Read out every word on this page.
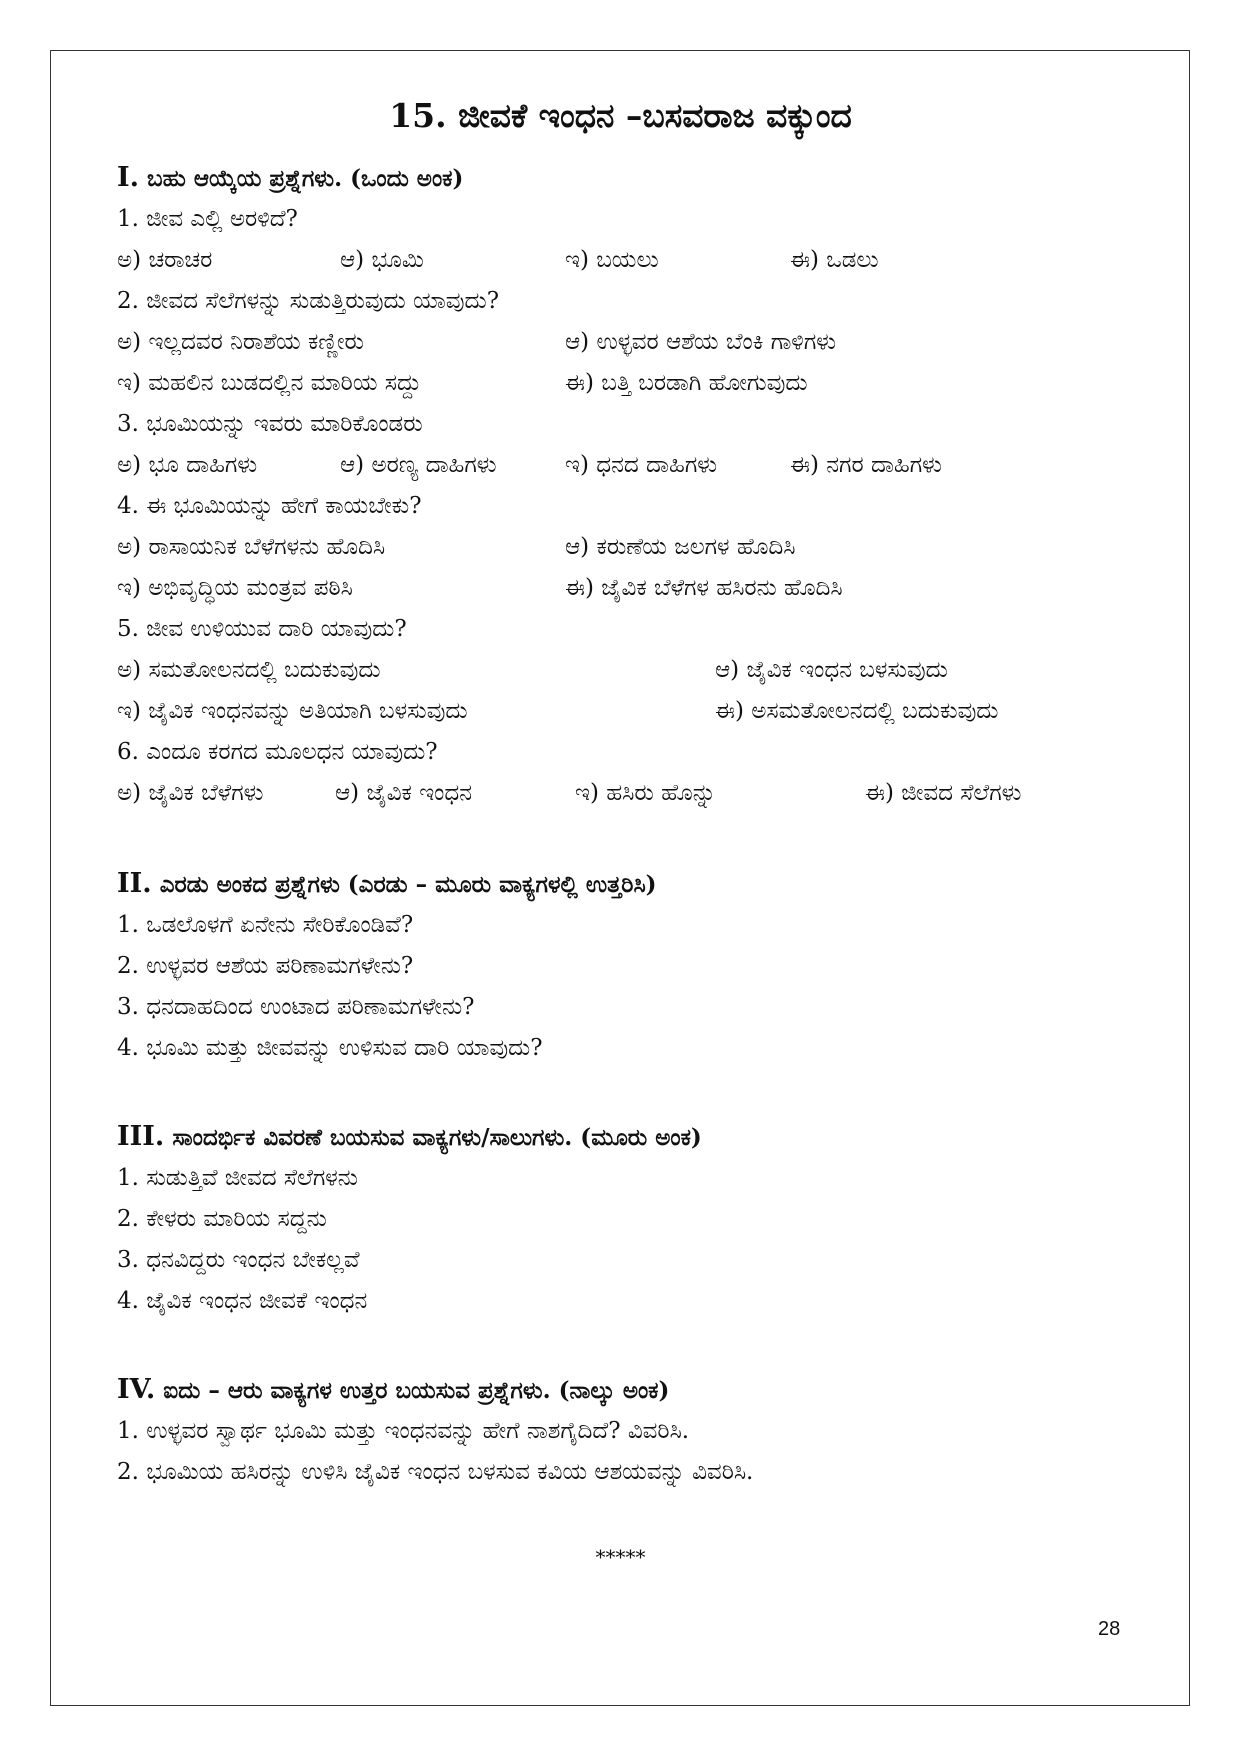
15. ಜೀವಕೆ ಇಂಧನ –ಬಸವರಾಜ ವಕ್ಕುಂದ
I. ಬಹು ಆಯ್ಕೆಯ ಪ್ರಶ್ನೆಗಳು. (ಒಂದು ಅಂಕ)
1. ಜೀವ ಎಲ್ಲಿ ಅರಳಿದೆ?
ಅ) ಚರಾಚರ	ಆ) ಭೂಮಿ	ಇ) ಬಯಲು	ಈ) ಒಡಲು
2. ಜೀವದ ಸೆಲೆಗಳನ್ನು ಸುಡುತ್ತಿರುವುದು ಯಾವುದು?
ಅ) ಇಲ್ಲದವರ ನಿರಾಶೆಯ ಕಣ್ಣೀರು	ಆ) ಉಳ್ಳವರ ಆಶೆಯ ಬೆಂಕಿ ಗಾಳಿಗಳು
ಇ) ಮಹಲಿನ ಬುಡದಲ್ಲಿನ ಮಾರಿಯ ಸದ್ದು	ಈ) ಬತ್ತಿ ಬರಡಾಗಿ ಹೋಗುವುದು
3. ಭೂಮಿಯನ್ನು ಇವರು ಮಾರಿಕೊಂಡರು
ಅ) ಭೂ ದಾಹಿಗಳು	ಆ) ಅರಣ್ಯ ದಾಹಿಗಳು	ಇ) ಧನದ ದಾಹಿಗಳು	ಈ) ನಗರ ದಾಹಿಗಳು
4. ಈ ಭೂಮಿಯನ್ನು ಹೇಗೆ ಕಾಯಬೇಕು?
ಅ) ರಾಸಾಯನಿಕ ಬೆಳೆಗಳನು ಹೊದಿಸಿ	ಆ) ಕರುಣೆಯ ಜಲಗಳ ಹೊದಿಸಿ
ಇ) ಅಭಿವೃದ್ಧಿಯ ಮಂತ್ರವ ಪಠಿಸಿ	ಈ) ಜೈವಿಕ ಬೆಳೆಗಳ ಹಸಿರನು ಹೊದಿಸಿ
5. ಜೀವ ಉಳಿಯುವ ದಾರಿ ಯಾವುದು?
ಅ) ಸಮತೋಲನದಲ್ಲಿ ಬದುಕುವುದು	ಆ) ಜೈವಿಕ ಇಂಧನ ಬಳಸುವುದು
ಇ) ಜೈವಿಕ ಇಂಧನವನ್ನು ಅತಿಯಾಗಿ ಬಳಸುವುದು	ಈ) ಅಸಮತೋಲನದಲ್ಲಿ ಬದುಕುವುದು
6. ಎಂದೂ ಕರಗದ ಮೂಲಧನ ಯಾವುದು?
ಅ) ಜೈವಿಕ ಬೆಳೆಗಳು	ಆ) ಜೈವಿಕ ಇಂಧನ	ಇ) ಹಸಿರು ಹೊನ್ನು	ಈ) ಜೀವದ ಸೆಲೆಗಳು
II. ಎರಡು ಅಂಕದ ಪ್ರಶ್ನೆಗಳು (ಎರಡು – ಮೂರು ವಾಕ್ಯಗಳಲ್ಲಿ ಉತ್ತರಿಸಿ)
1. ಒಡಲೊಳಗೆ ಏನೇನು ಸೇರಿಕೊಂಡಿವೆ?
2. ಉಳ್ಳವರ ಆಶೆಯ ಪರಿಣಾಮಗಳೇನು?
3. ಧನದಾಹದಿಂದ ಉಂಟಾದ ಪರಿಣಾಮಗಳೇನು?
4. ಭೂಮಿ ಮತ್ತು ಜೀವವನ್ನು ಉಳಿಸುವ ದಾರಿ ಯಾವುದು?
III. ಸಾಂದರ್ಭಿಕ ವಿವರಣೆ ಬಯಸುವ ವಾಕ್ಯಗಳು/ಸಾಲುಗಳು. (ಮೂರು ಅಂಕ)
1. ಸುಡುತ್ತಿವೆ ಜೀವದ ಸೆಲೆಗಳನು
2. ಕೇಳರು ಮಾರಿಯ ಸದ್ದನು
3. ಧನವಿದ್ದರು ಇಂಧನ ಬೇಕಲ್ಲವೆ
4. ಜೈವಿಕ ಇಂಧನ ಜೀವಕೆ ಇಂಧನ
IV. ಐದು – ಆರು ವಾಕ್ಯಗಳ ಉತ್ತರ ಬಯಸುವ ಪ್ರಶ್ನೆಗಳು. (ನಾಲ್ಕು ಅಂಕ)
1. ಉಳ್ಳವರ ಸ್ವಾರ್ಥ ಭೂಮಿ ಮತ್ತು ಇಂಧನವನ್ನು ಹೇಗೆ ನಾಶಗೈದಿದೆ? ವಿವರಿಸಿ.
2. ಭೂಮಿಯ ಹಸಿರನ್ನು ಉಳಿಸಿ ಜೈವಿಕ ಇಂಧನ ಬಳಸುವ ಕವಿಯ ಆಶಯವನ್ನು ವಿವರಿಸಿ.
*****
28
